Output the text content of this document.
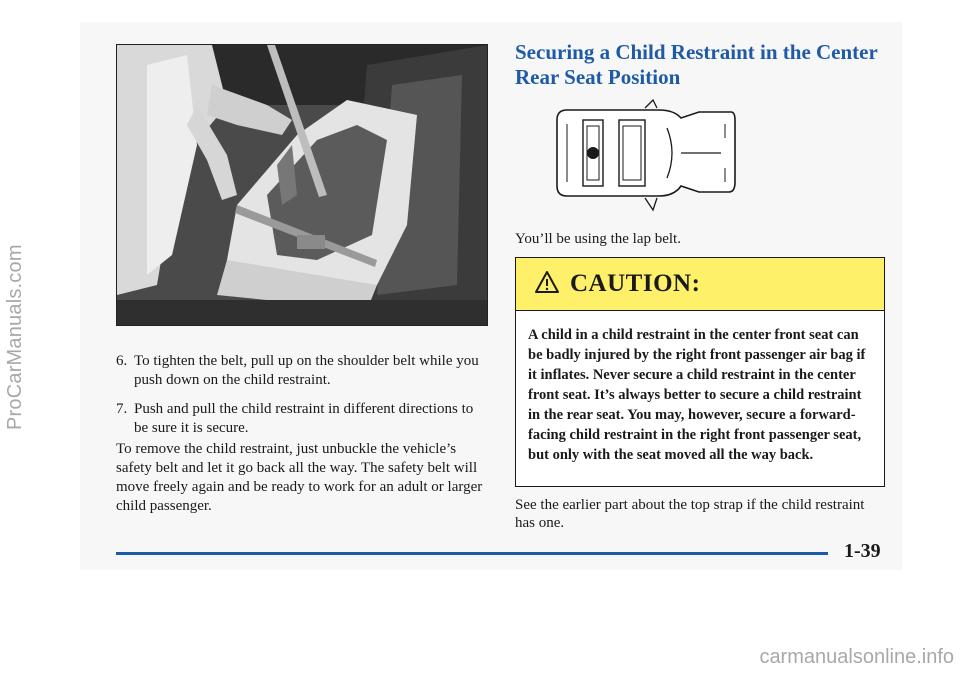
ProCarManuals.com
carmanualsonline.info
6. To tighten the belt, pull up on the shoulder belt while you push down on the child restraint.
7. Push and pull the child restraint in different directions to be sure it is secure.

To remove the child restraint, just unbuckle the vehicle’s safety belt and let it go back all the way. The safety belt will move freely again and be ready to work for an adult or larger child passenger.

Securing a Child Restraint in the Center Rear Seat Position

You’ll be using the lap belt.

CAUTION:
A child in a child restraint in the center front seat can be badly injured by the right front passenger air bag if it inflates. Never secure a child restraint in the center front seat. It’s always better to secure a child restraint in the rear seat. You may, however, secure a forward-facing child restraint in the right front passenger seat, but only with the seat moved all the way back.

See the earlier part about the top strap if the child restraint has one.

1-39
